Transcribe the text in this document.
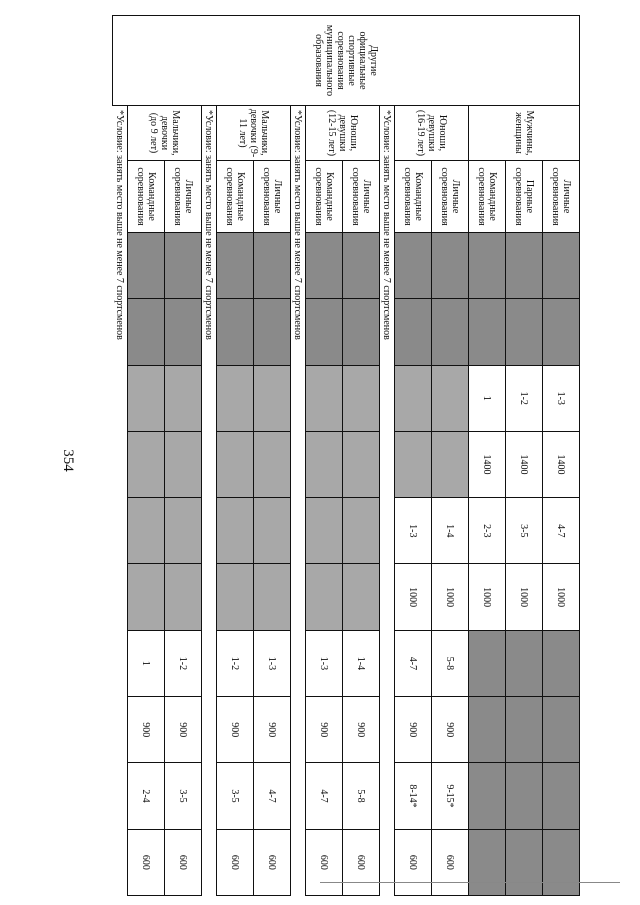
354
Другие официальные спортивные соревнования муниципального образования	Мужчины, женщины	Личные соревнования			1-3	1400	4-7	1000				
		Парные соревнования			1-2	1400	3-5	1000				
		Командные соревнования			1	1400	2-3	1000				
	Юноши, девушки (16-19 лет)	Личные соревнования					1-4	1000	5-8	900	9-15*	600
		Командные соревнования					1-3	1000	4-7	900	8-14*	600
	*Условие: занять место выше не менее 7 спортсменов											
	Юноши, девушки (12-15 лет)	Личные соревнования							1-4	900	5-8	600
		Командные соревнования							1-3	900	4-7	600
	*Условие: занять место выше не менее 7 спортсменов											
	Мальчики, девочки (9-11 лет)	Личные соревнования							1-3	900	4-7	600
		Командные соревнования							1-2	900	3-5	600
	*Условие: занять место выше не менее 7 спортсменов											
	Мальчики, девочки (до 9 лет)	Личные соревнования							1-2	900	3-5	600
		Командные соревнования							1	900	2-4	600
	*Условие: занять место выше не менее 7 спортсменов											
